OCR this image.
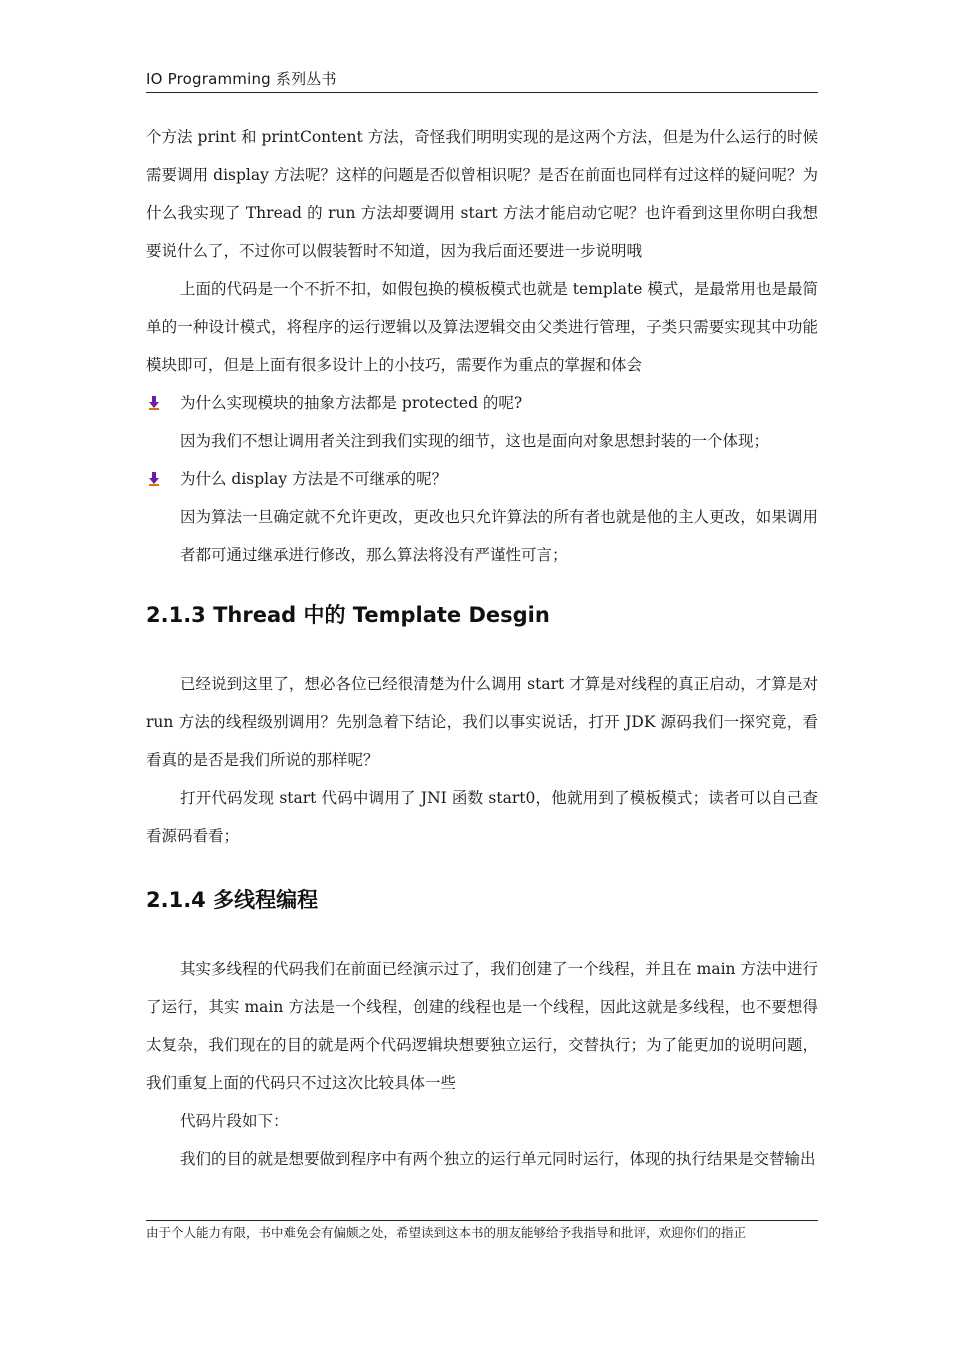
IO Programming 系列丛书

个方法 print 和 printContent 方法，奇怪我们明明实现的是这两个方法，但是为什么运行的时候需要调用 display 方法呢？这样的问题是否似曾相识呢？是否在前面也同样有过这样的疑问呢？为什么我实现了 Thread 的 run 方法却要调用 start 方法才能启动它呢？也许看到这里你明白我想要说什么了，不过你可以假装暂时不知道，因为我后面还要进一步说明哦

上面的代码是一个不折不扣，如假包换的模板模式也就是 template 模式，是最常用也是最简单的一种设计模式，将程序的运行逻辑以及算法逻辑交由父类进行管理，子类只需要实现其中功能模块即可，但是上面有很多设计上的小技巧，需要作为重点的掌握和体会

为什么实现模块的抽象方法都是 protected 的呢?

因为我们不想让调用者关注到我们实现的细节，这也是面向对象思想封装的一个体现；

为什么 display 方法是不可继承的呢？

因为算法一旦确定就不允许更改，更改也只允许算法的所有者也就是他的主人更改，如果调用者都可通过继承进行修改，那么算法将没有严谨性可言；

2.1.3 Thread 中的 Template Desgin

已经说到这里了，想必各位已经很清楚为什么调用 start 才算是对线程的真正启动，才算是对 run 方法的线程级别调用？先别急着下结论，我们以事实说话，打开 JDK 源码我们一探究竟，看看真的是否是我们所说的那样呢？

打开代码发现 start 代码中调用了 JNI 函数 start0，他就用到了模板模式；读者可以自己查看源码看看；

2.1.4 多线程编程

其实多线程的代码我们在前面已经演示过了，我们创建了一个线程，并且在 main 方法中进行了运行，其实 main 方法是一个线程，创建的线程也是一个线程，因此这就是多线程，也不要想得太复杂，我们现在的目的就是两个代码逻辑块想要独立运行，交替执行；为了能更加的说明问题，我们重复上面的代码只不过这次比较具体一些

代码片段如下：

我们的目的就是想要做到程序中有两个独立的运行单元同时运行，体现的执行结果是交替输出

由于个人能力有限，书中难免会有偏颇之处，希望读到这本书的朋友能够给予我指导和批评，欢迎你们的指正
